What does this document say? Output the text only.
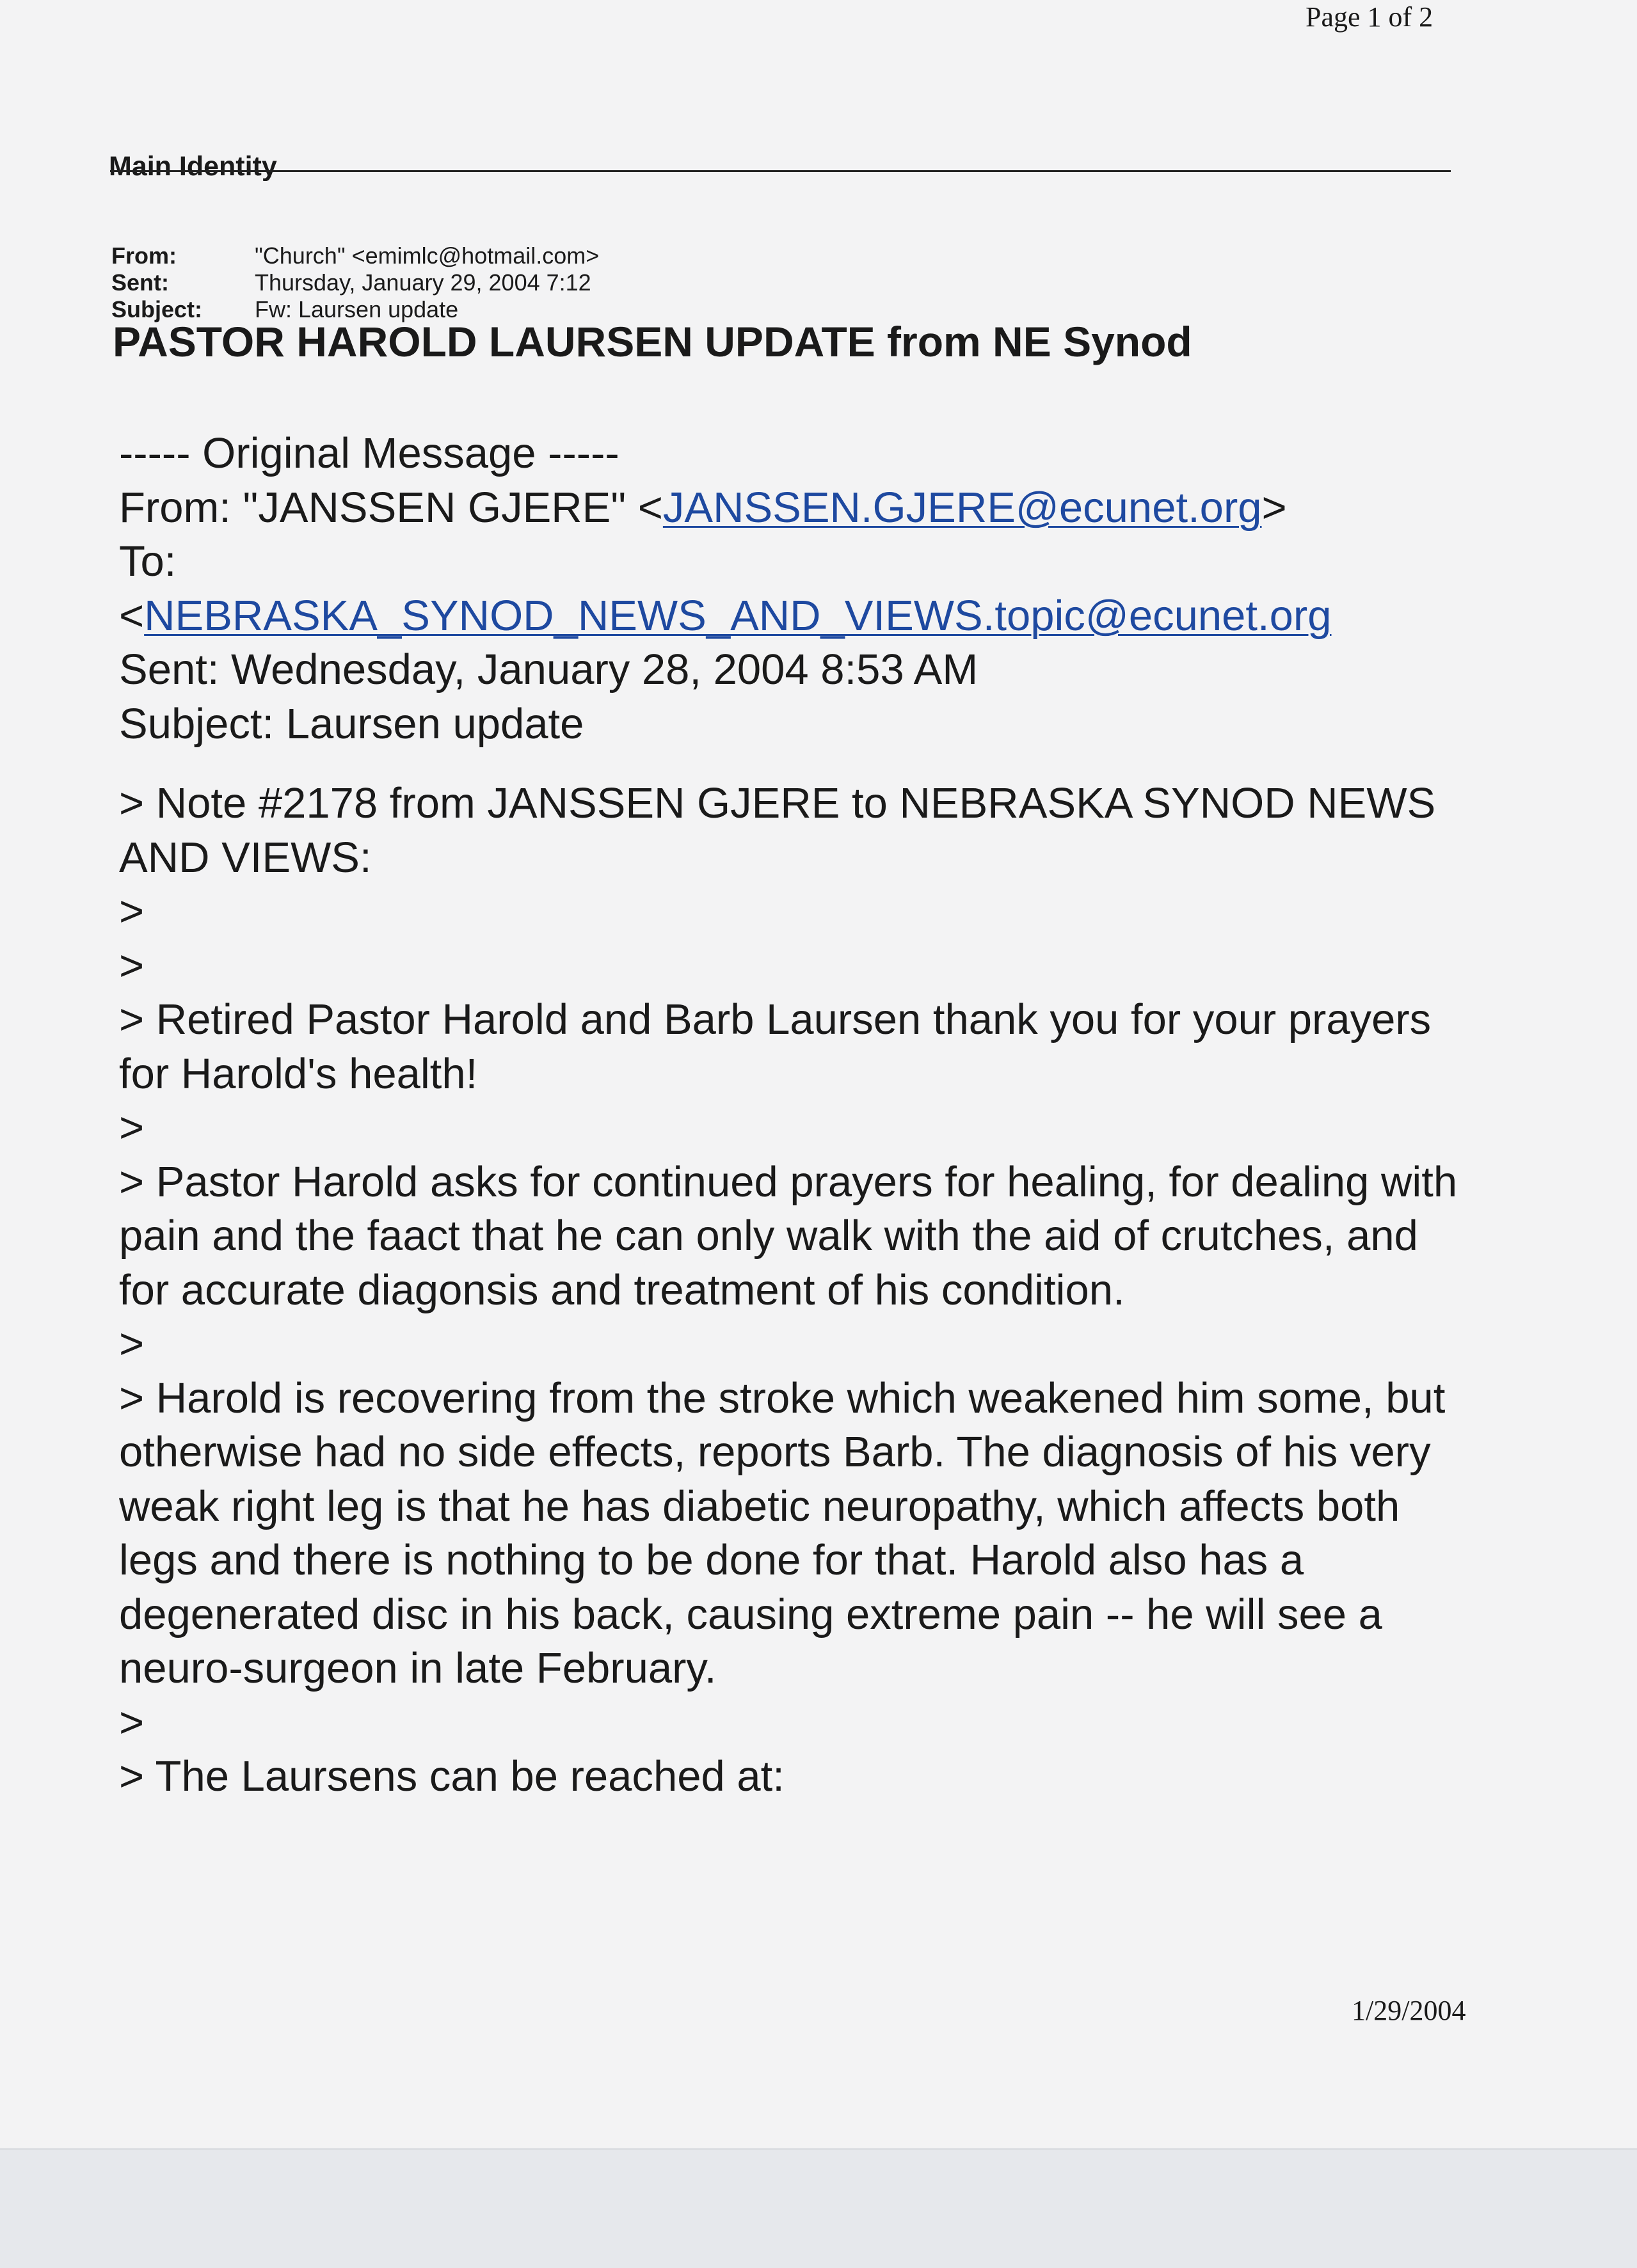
Page 1 of 2
Main Identity
From:	"Church" <emimlc@hotmail.com>
Sent:	Thursday, January 29, 2004 7:12
Subject: Fw: Laursen update
PASTOR HAROLD LAURSEN UPDATE from NE Synod

----- Original Message -----

From: "JANSSEN GJERE" <JANSSEN.GJERE@ecunet.org>

To:

<NEBRASKA_SYNOD_NEWS_AND_VIEWS.topic@ecunet.org

Sent: Wednesday, January 28, 2004 8:53 AM

Subject: Laursen update

> Note #2178 from JANSSEN GJERE to NEBRASKA SYNOD NEWS AND VIEWS:

>

>

> Retired Pastor Harold and Barb Laursen thank you for your prayers for Harold's health!

>

> Pastor Harold asks for continued prayers for healing, for dealing with pain and the faact that he can only walk with the aid of crutches, and for accurate diagonsis and treatment of his condition.

>

> Harold is recovering from the stroke which weakened him some, but otherwise had no side effects, reports Barb. The diagnosis of his very weak right leg is that he has diabetic neuropathy, which affects both legs and there is nothing to be done for that. Harold also has a degenerated disc in his back, causing extreme pain -- he will see a neuro-surgeon in late February.

>

> The Laursens can be reached at:

1/29/2004
